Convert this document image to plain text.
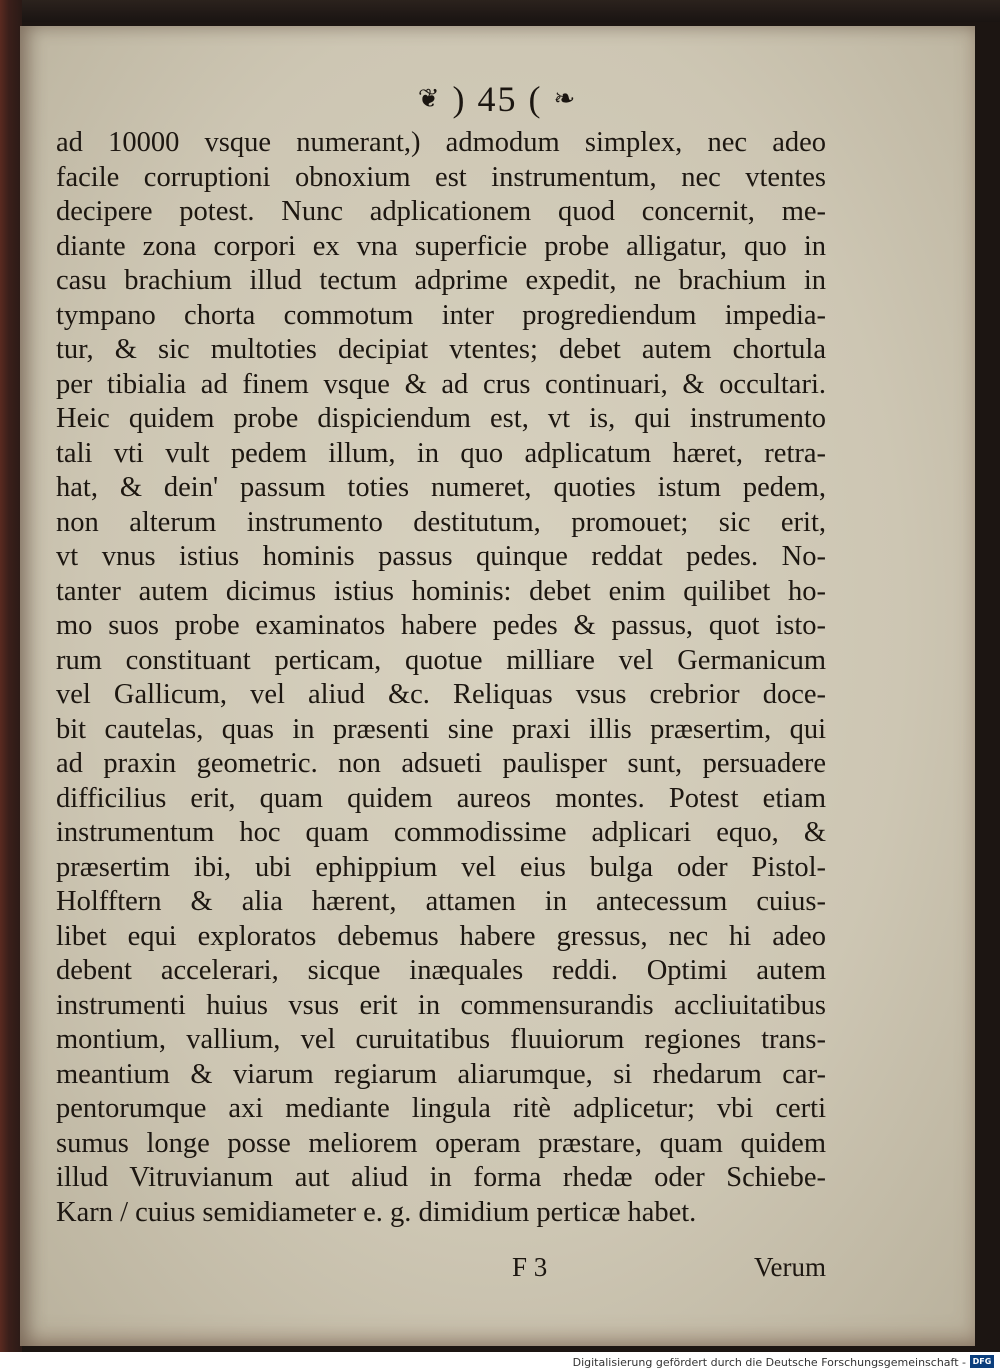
❦ ) 45 ( ❧
ad 10000 vsque numerant,) admodum simplex, nec adeo
facile corruptioni obnoxium est instrumentum, nec vtentes
decipere potest. Nunc adplicationem quod concernit, me-
diante zona corpori ex vna superficie probe alligatur, quo in
casu brachium illud tectum adprime expedit, ne brachium in
tympano chorta commotum inter progrediendum impedia-
tur, & sic multoties decipiat vtentes; debet autem chortula
per tibialia ad finem vsque & ad crus continuari, & occultari.
Heic quidem probe dispiciendum est, vt is, qui instrumento
tali vti vult pedem illum, in quo adplicatum hæret, retra-
hat, & dein' passum toties numeret, quoties istum pedem,
non alterum instrumento destitutum, promouet; sic erit,
vt vnus istius hominis passus quinque reddat pedes. No-
tanter autem dicimus istius hominis: debet enim quilibet ho-
mo suos probe examinatos habere pedes & passus, quot isto-
rum constituant perticam, quotue milliare vel Germanicum
vel Gallicum, vel aliud &c. Reliquas vsus crebrior doce-
bit cautelas, quas in præsenti sine praxi illis præsertim, qui
ad praxin geometric. non adsueti paulisper sunt, persuadere
difficilius erit, quam quidem aureos montes. Potest etiam
instrumentum hoc quam commodissime adplicari equo, &
præsertim ibi, ubi ephippium vel eius bulga oder Pistol-
Holfftern & alia hærent, attamen in antecessum cuius-
libet equi exploratos debemus habere gressus, nec hi adeo
debent accelerari, sicque inæquales reddi. Optimi autem
instrumenti huius vsus erit in commensurandis accliuitatibus
montium, vallium, vel curuitatibus fluuiorum regiones trans-
meantium & viarum regiarum aliarumque, si rhedarum car-
pentorumque axi mediante lingula ritè adplicetur; vbi certi
sumus longe posse meliorem operam præstare, quam quidem
illud Vitruvianum aut aliud in forma rhedæ oder Schiebe-
Karn / cuius semidiameter e. g. dimidium perticæ habet.
F 3	Verum
Digitalisierung gefördert durch die Deutsche Forschungsgemeinschaft - DFG
